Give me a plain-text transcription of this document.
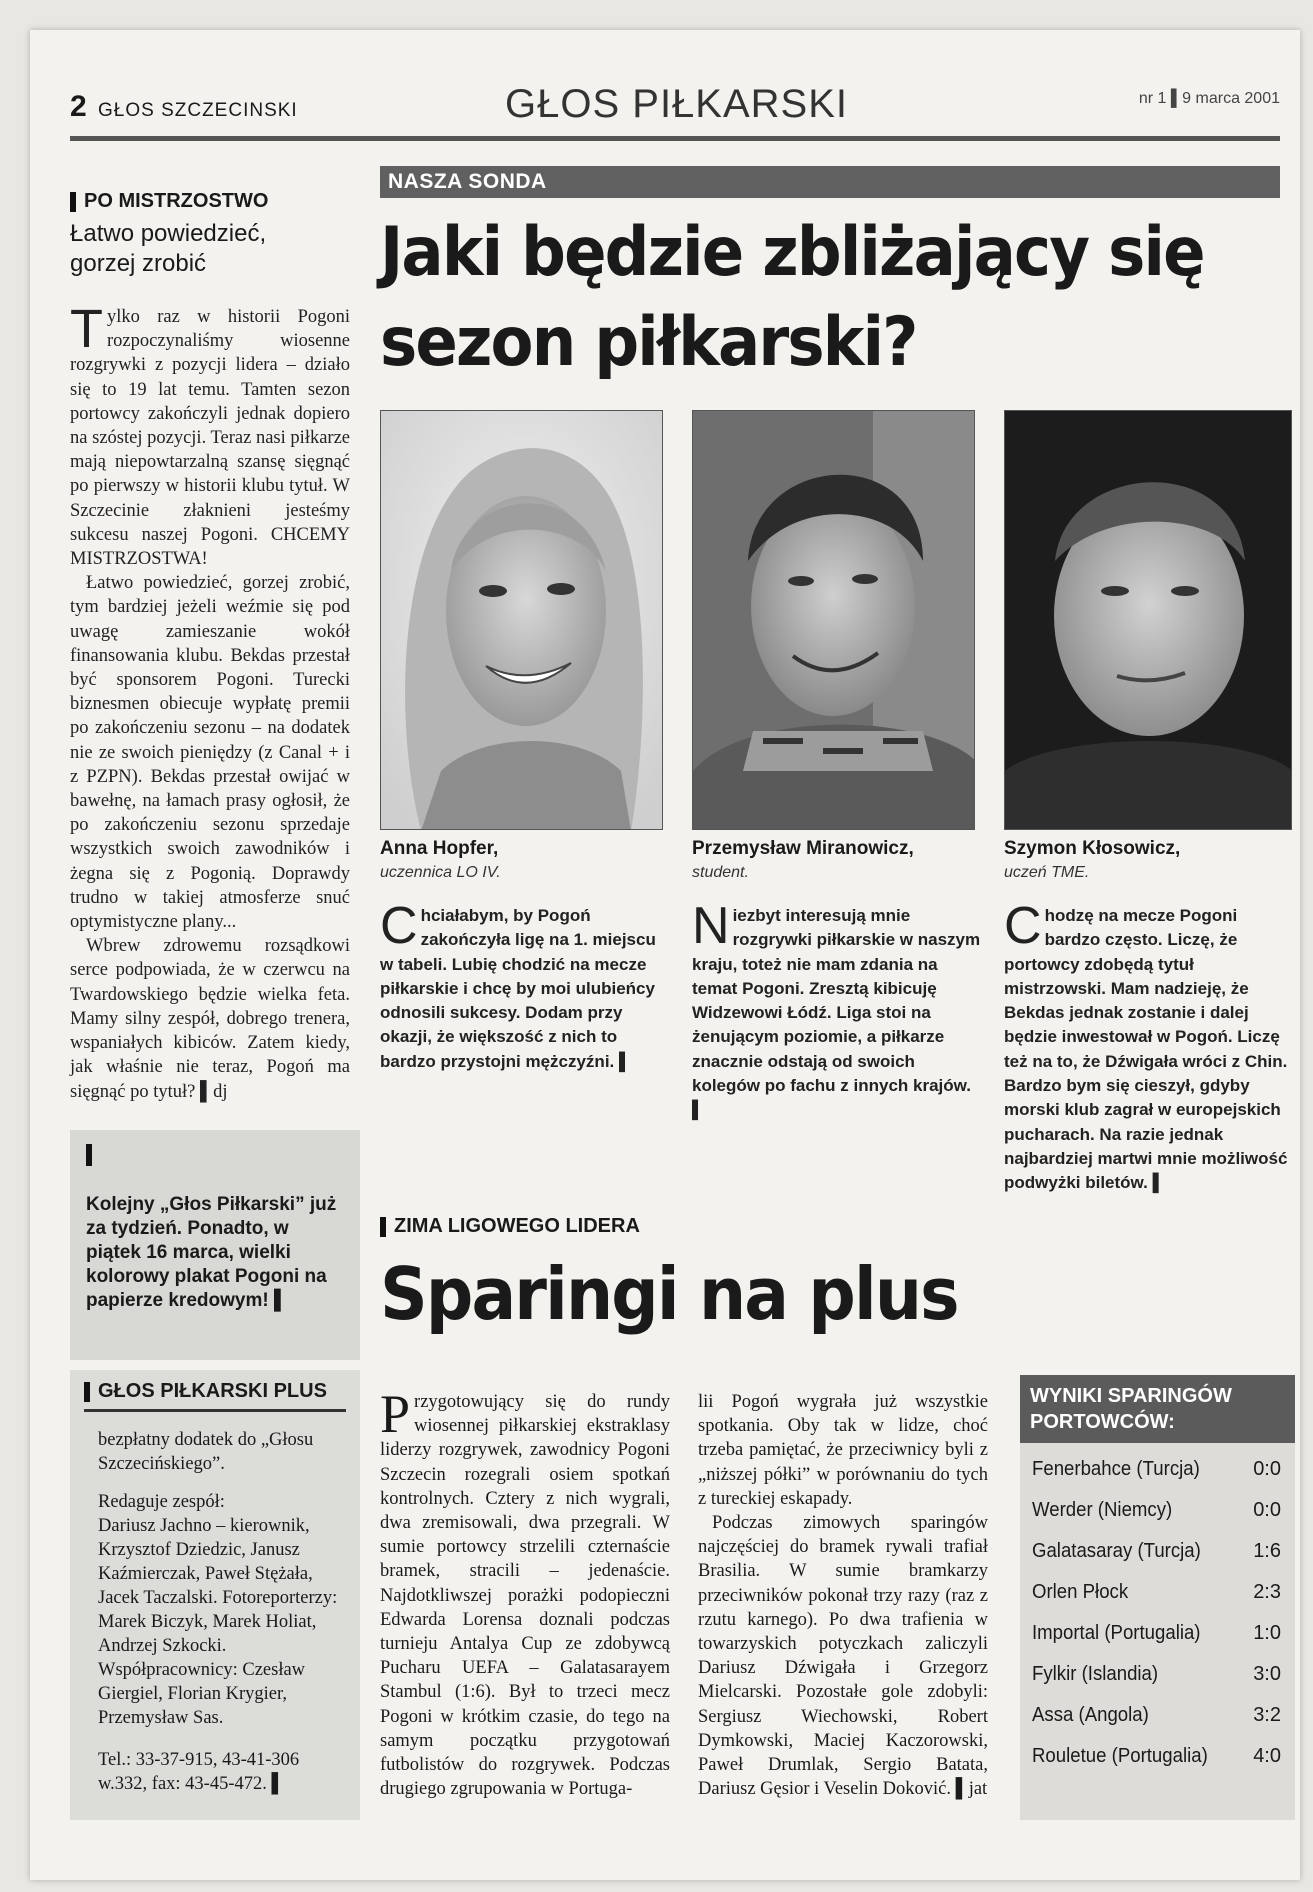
2 GŁOS SZCZECINSKI	GŁOS PIŁKARSKI	nr 1 ▌9 marca 2001
PO MISTRZOSTWO
Łatwo powiedzieć,
gorzej zrobić
Tylko raz w historii Pogoni rozpoczynaliśmy wiosenne rozgrywki z pozycji lidera – działo się to 19 lat temu. Tamten sezon portowcy zakończyli jednak dopiero na szóstej pozycji. Teraz nasi piłkarze mają niepowtarzalną szansę sięgnąć po pierwszy w historii klubu tytuł. W Szczecinie złaknieni jesteśmy sukcesu naszej Pogoni. CHCEMY MISTRZOSTWA!

Łatwo powiedzieć, gorzej zrobić, tym bardziej jeżeli weźmie się pod uwagę zamieszanie wokół finansowania klubu. Bekdas przestał być sponsorem Pogoni. Turecki biznesmen obiecuje wypłatę premii po zakończeniu sezonu – na dodatek nie ze swoich pieniędzy (z Canal + i z PZPN). Bekdas przestał owijać w bawełnę, na łamach prasy ogłosił, że po zakończeniu sezonu sprzedaje wszystkich swoich zawodników i żegna się z Pogonią. Doprawdy trudno w takiej atmosferze snuć optymistyczne plany...

Wbrew zdrowemu rozsądkowi serce podpowiada, że w czerwcu na Twardowskiego będzie wielka feta. Mamy silny zespół, dobrego trenera, wspaniałych kibiców. Zatem kiedy, jak właśnie nie teraz, Pogoń ma sięgnąć po tytuł? ▌dj

Kolejny „Głos Piłkarski” już za tydzień. Ponadto, w piątek 16 marca, wielki kolorowy plakat Pogoni na papierze kredowym! ▌
GŁOS PIŁKARSKI PLUS

bezpłatny dodatek do „Głosu Szczecińskiego”.

Redaguje zespół:

Dariusz Jachno – kierownik, Krzysztof Dziedzic, Janusz Kaźmierczak, Paweł Stężała, Jacek Taczalski. Fotoreporterzy: Marek Biczyk, Marek Holiat, Andrzej Szkocki. Współpracownicy: Czesław Giergiel, Florian Krygier, Przemysław Sas.

Tel.: 33-37-915, 43-41-306 w.332, fax: 43-45-472. ▌

NASZA SONDA
Jaki będzie zbliżający się
sezon piłkarski?
Anna Hopfer,
uczennica LO IV.
Chciałabym, by Pogoń zakończyła ligę na 1. miejscu w tabeli. Lubię chodzić na mecze piłkarskie i chcę by moi ulubieńcy odnosili sukcesy. Dodam przy okazji, że większość z nich to bardzo przystojni mężczyźni. ▌
Przemysław Miranowicz,
student.
Niezbyt interesują mnie rozgrywki piłkarskie w naszym kraju, toteż nie mam zdania na temat Pogoni. Zresztą kibicuję Widzewowi Łódź. Liga stoi na żenującym poziomie, a piłkarze znacznie odstają od swoich kolegów po fachu z innych krajów. ▌
Szymon Kłosowicz,
uczeń TME.
Chodzę na mecze Pogoni bardzo często. Liczę, że portowcy zdobędą tytuł mistrzowski. Mam nadzieję, że Bekdas jednak zostanie i dalej będzie inwestował w Pogoń. Liczę też na to, że Dźwigała wróci z Chin. Bardzo bym się cieszył, gdyby morski klub zagrał w europejskich pucharach. Na razie jednak najbardziej martwi mnie możliwość podwyżki biletów. ▌
ZIMA LIGOWEGO LIDERA
Sparingi na plus
Przygotowujący się do rundy wiosennej piłkarskiej ekstraklasy liderzy rozgrywek, zawodnicy Pogoni Szczecin rozegrali osiem spotkań kontrolnych. Cztery z nich wygrali, dwa zremisowali, dwa przegrali. W sumie portowcy strzelili czternaście bramek, stracili – jedenaście. Najdotkliwszej porażki podopieczni Edwarda Lorensa doznali podczas turnieju Antalya Cup ze zdobywcą Pucharu UEFA – Galatasarayem Stambul (1:6). Był to trzeci mecz Pogoni w krótkim czasie, do tego na samym początku przygotowań futbolistów do rozgrywek. Podczas drugiego zgrupowania w Portuga-
lii Pogoń wygrała już wszystkie spotkania. Oby tak w lidze, choć trzeba pamiętać, że przeciwnicy byli z „niższej półki” w porównaniu do tych z tureckiej eskapady.

Podczas zimowych sparingów najczęściej do bramek rywali trafiał Brasilia. W sumie bramkarzy przeciwników pokonał trzy razy (raz z rzutu karnego). Po dwa trafienia w towarzyskich potyczkach zaliczyli Dariusz Dźwigała i Grzegorz Mielcarski. Pozostałe gole zdobyli: Sergiusz Wiechowski, Robert Dymkowski, Maciej Kaczorowski, Paweł Drumlak, Sergio Batata, Dariusz Gęsior i Veselin Doković. ▌jat

WYNIKI SPARINGÓW
PORTOWCÓW:
Fenerbahce (Turcja)	0:0
Werder (Niemcy)	0:0
Galatasaray (Turcja)	1:6
Orlen Płock	2:3
Importal (Portugalia)	1:0
Fylkir (Islandia)	3:0
Assa (Angola)	3:2
Rouletue (Portugalia) 4:0
